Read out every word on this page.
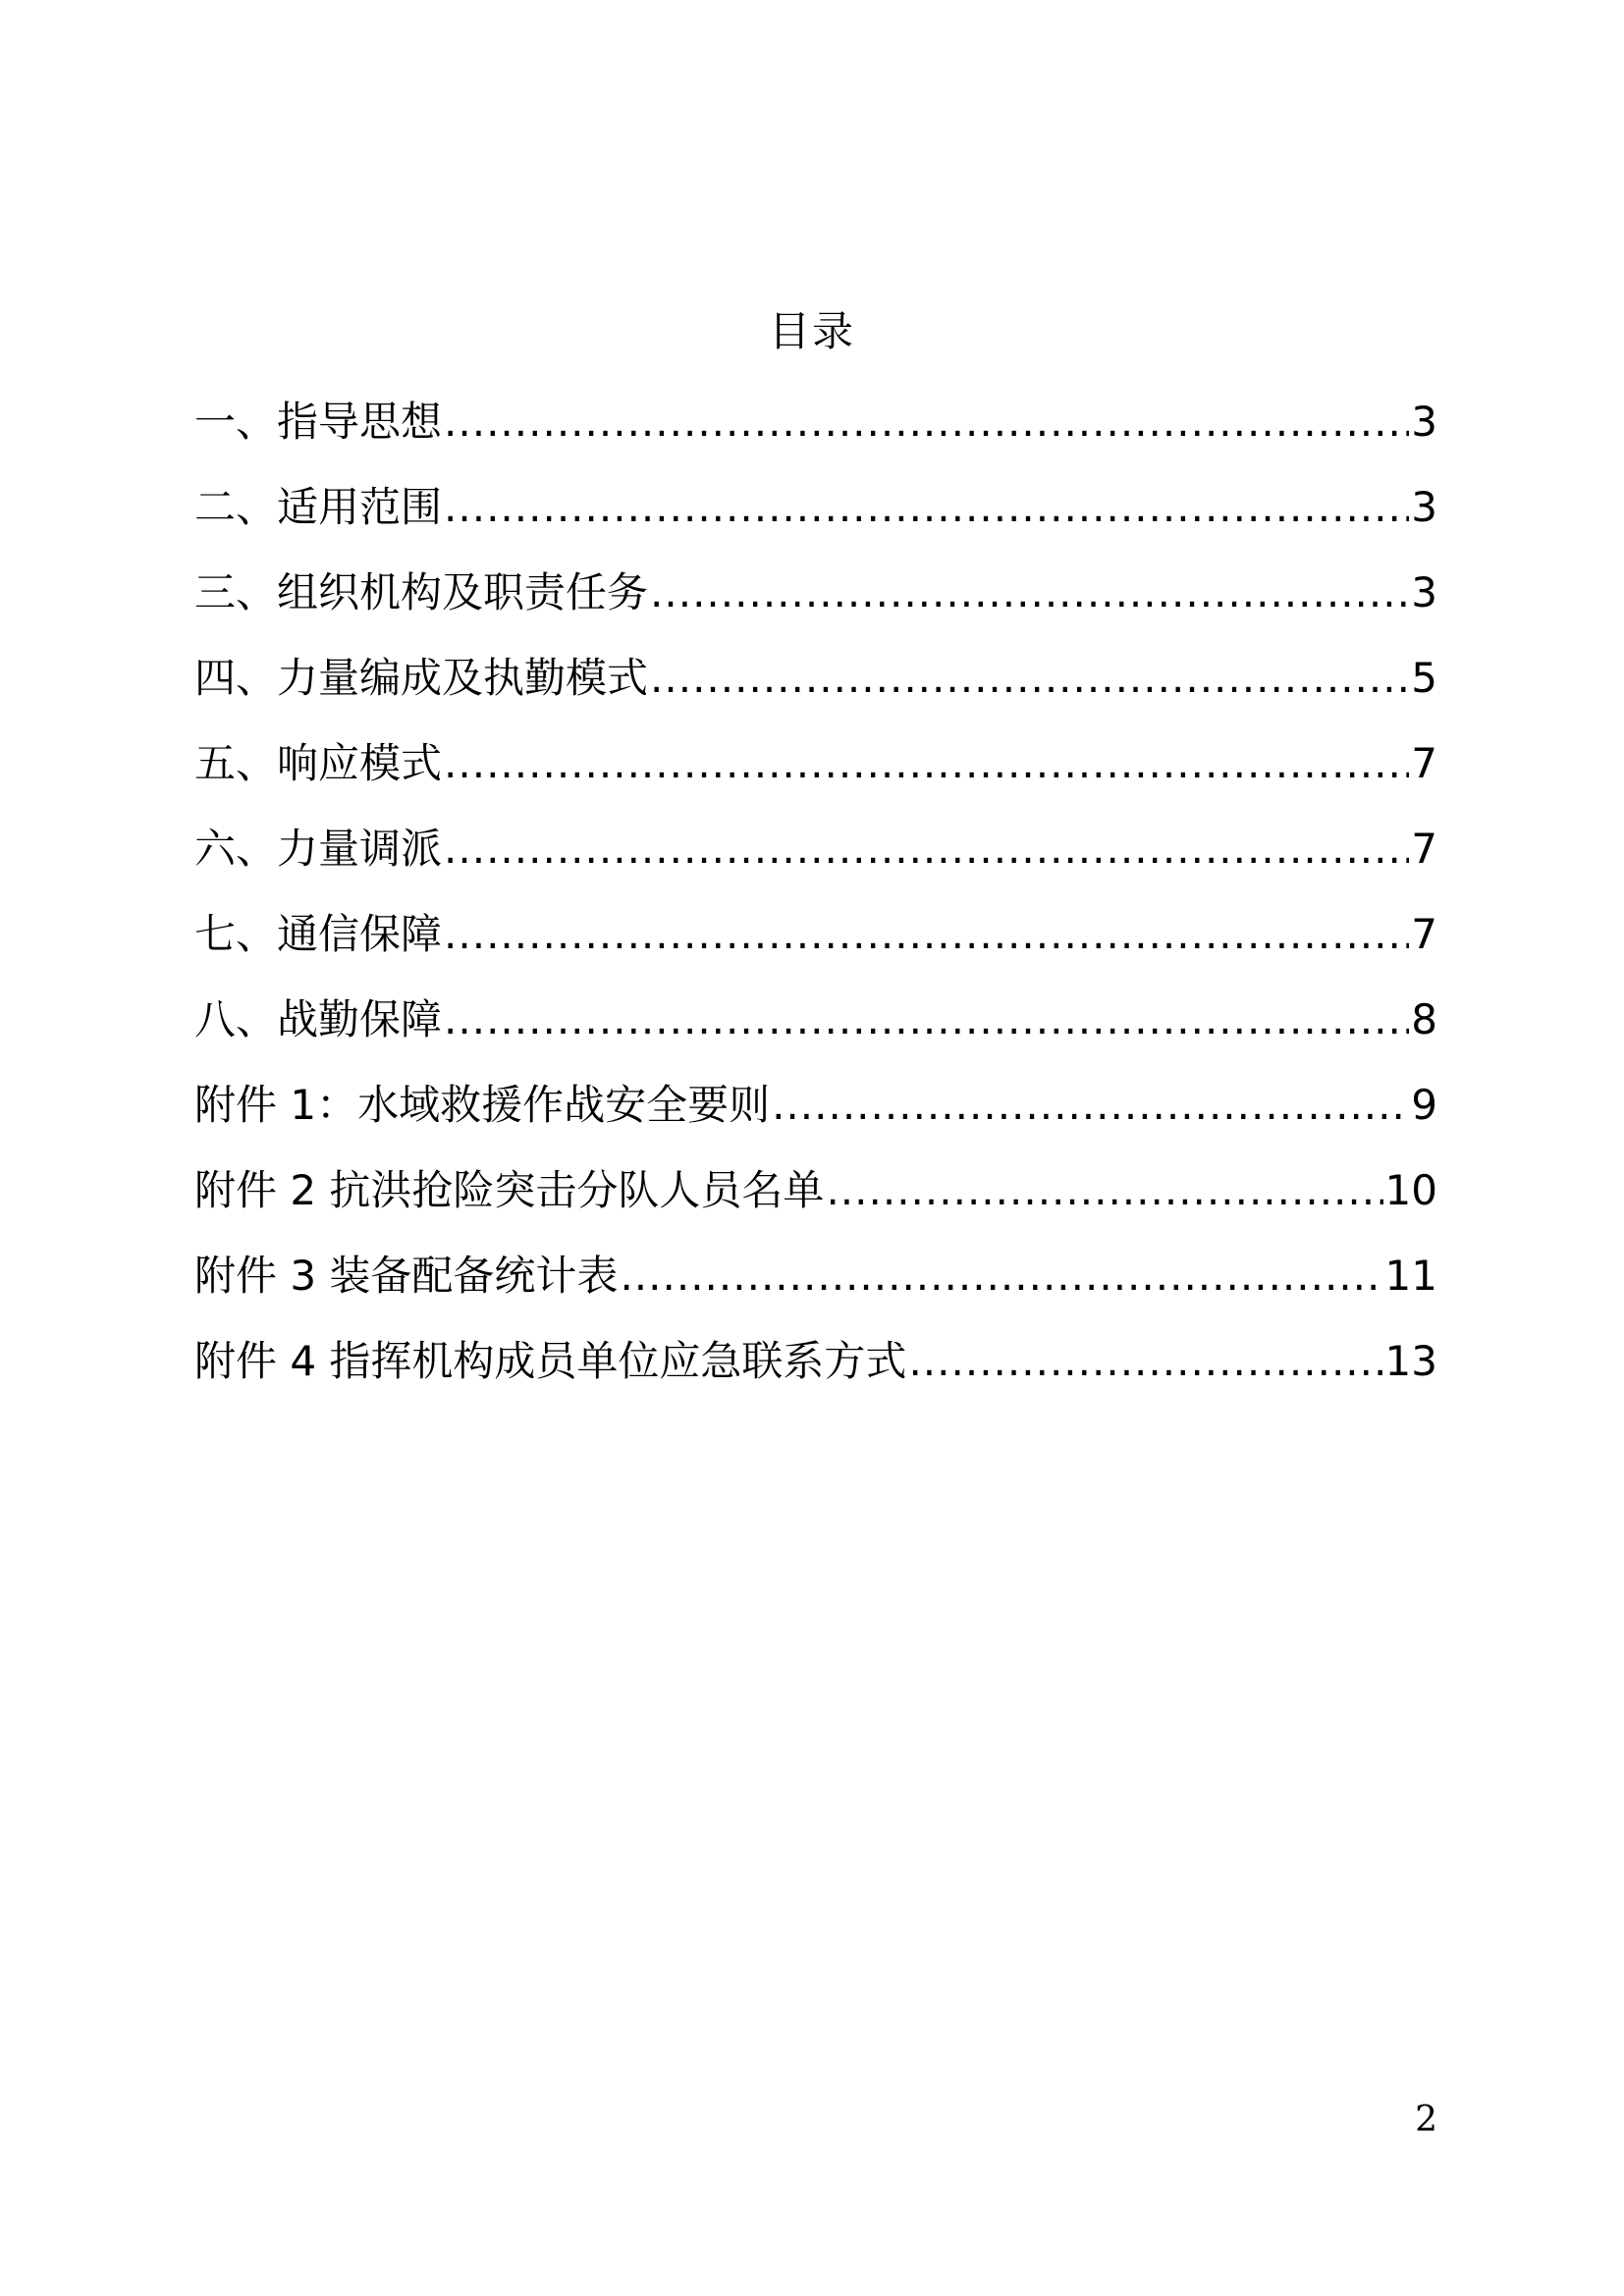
目录
一、指导思想 .....	3
二、适用范围 .....	3
三、组织机构及职责任务 .....	3
四、力量编成及执勤模式 .....	5
五、响应模式 .....	7
六、力量调派 .....	7
七、通信保障 .....	7
八、战勤保障 .....	8
附件 1：水域救援作战安全要则 .....	9
附件 2 抗洪抢险突击分队人员名单 .....	10
附件 3 装备配备统计表 .....	11
附件 4 指挥机构成员单位应急联系方式 .....	13
2
